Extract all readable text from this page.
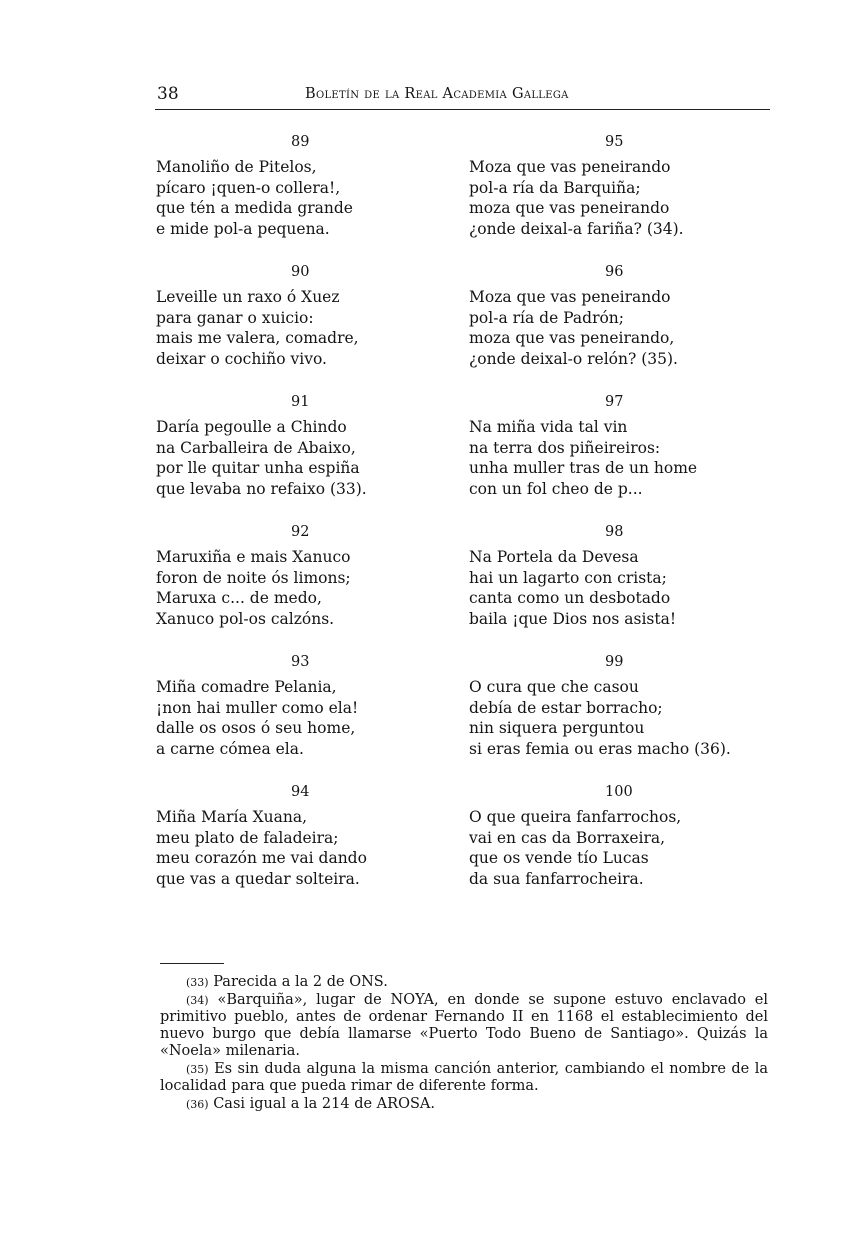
38	Boletín de la Real Academia Gallega
89
Manoliño de Pitelos,
pícaro ¡quen-o collera!,
que tén a medida grande
e mide pol-a pequena.
90
Leveille un raxo ó Xuez
para ganar o xuicio:
mais me valera, comadre,
deixar o cochiño vivo.
91
Daría pegoulle a Chindo
na Carballeira de Abaixo,
por lle quitar unha espiña
que levaba no refaixo (33).
92
Maruxiña e mais Xanuco
foron de noite ós limons;
Maruxa c... de medo,
Xanuco pol-os calzóns.
93
Miña comadre Pelania,
¡non hai muller como ela!
dalle os osos ó seu home,
a carne cómea ela.
94
Miña María Xuana,
meu plato de faladeira;
meu corazón me vai dando
que vas a quedar solteira.
95
Moza que vas peneirando
pol-a ría da Barquiña;
moza que vas peneirando
¿onde deixal-a fariña? (34).
96
Moza que vas peneirando
pol-a ría de Padrón;
moza que vas peneirando,
¿onde deixal-o relón? (35).
97
Na miña vida tal vin
na terra dos piñeireiros:
unha muller tras de un home
con un fol cheo de p...
98
Na Portela da Devesa
hai un lagarto con crista;
canta como un desbotado
baila ¡que Dios nos asista!
99
O cura que che casou
debía de estar borracho;
nin siquera perguntou
si eras femia ou eras macho (36).
100
O que queira fanfarrochos,
vai en cas da Borraxeira,
que os vende tío Lucas
da sua fanfarrocheira.

(33) Parecida a la 2 de ONS.

(34) «Barquiña», lugar de NOYA, en donde se supone estuvo enclavado el primitivo pueblo, antes de ordenar Fernando II en 1168 el establecimiento del nuevo burgo que debía llamarse «Puerto Todo Bueno de Santiago». Quizás la «Noela» milenaria.

(35) Es sin duda alguna la misma canción anterior, cambiando el nombre de la localidad para que pueda rimar de diferente forma.

(36) Casi igual a la 214 de AROSA.
